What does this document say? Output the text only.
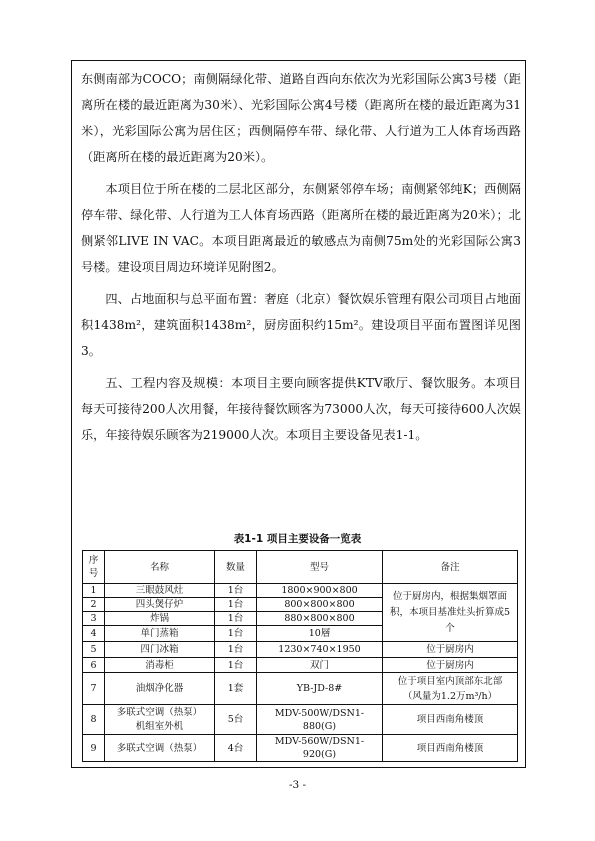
东侧南部为COCO；南侧隔绿化带、道路自西向东依次为光彩国际公寓3号楼（距离所在楼的最近距离为30米）、光彩国际公寓4号楼（距离所在楼的最近距离为31米），光彩国际公寓为居住区；西侧隔停车带、绿化带、人行道为工人体育场西路（距离所在楼的最近距离为20米）。

本项目位于所在楼的二层北区部分，东侧紧邻停车场；南侧紧邻纯K；西侧隔停车带、绿化带、人行道为工人体育场西路（距离所在楼的最近距离为20米）；北侧紧邻LIVE IN VAC。本项目距离最近的敏感点为南侧75m处的光彩国际公寓3号楼。建设项目周边环境详见附图2。

四、占地面积与总平面布置：奢庭（北京）餐饮娱乐管理有限公司项目占地面积1438m²，建筑面积1438m²，厨房面积约15m²。建设项目平面布置图详见图3。

五、工程内容及规模：本项目主要向顾客提供KTV歌厅、餐饮服务。本项目每天可接待200人次用餐，年接待餐饮顾客为73000人次，每天可接待600人次娱乐，年接待娱乐顾客为219000人次。本项目主要设备见表1-1。

表1-1 项目主要设备一览表
序号	名称	数量	型号	备注
1	三眼鼓风灶	1台	1800×900×800	位于厨房内，根据集烟罩面积，本项目基准灶头折算成5个
2	四头煲仔炉	1台	800×800×800	
3	炸锅	1台	880×800×800	
4	单门蒸箱	1台	10層	
5	四门冰箱	1台	1230×740×1950	位于厨房内
6	消毒柜	1台	双门	位于厨房内
7	油烟净化器	1套	YB-JD-8#	位于项目室内顶部东北部（风量为1.2万m³/h）
8	多联式空调（热泵）机组室外机	5台	MDV-500W/DSN1-880(G)	项目西南角楼顶
9	多联式空调（热泵）	4台	MDV-560W/DSN1-920(G)	项目西南角楼顶
-3 -
